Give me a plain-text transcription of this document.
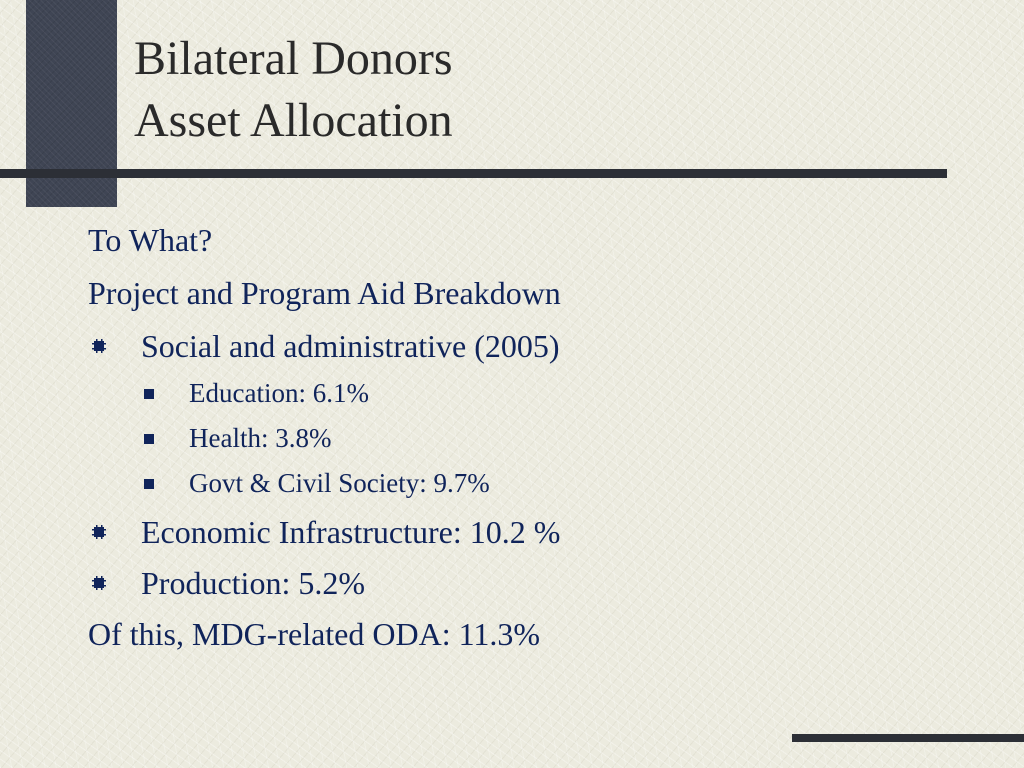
Bilateral Donors
Asset Allocation
To What?
Project and Program Aid Breakdown
Social and administrative (2005)
Education: 6.1%
Health: 3.8%
Govt & Civil Society: 9.7%
Economic Infrastructure: 10.2 %
Production: 5.2%
Of this, MDG-related ODA: 11.3%
